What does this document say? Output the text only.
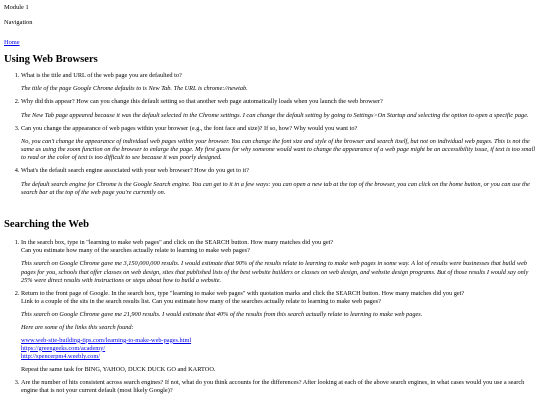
Module 1
Navigation
Home
Using Web Browsers
1. What is the title and URL of the web page you are defaulted to?
The title of the page Google Chrome defaults to is New Tab. The URL is chrome://newtab.
2. Why did this appear? How can you change this default setting so that another web page automatically loads when you launch the web browser?
The New Tab page appeared because it was the default selected in the Chrome settings. I can change the default setting by going to Settings>On Startup and selecting the option to open a specific page.
3. Can you change the appearance of web pages within your browser (e.g., the font face and size)? If so, how? Why would you want to?
No, you can't change the appearance of individual web pages within your browser. You can change the font size and style of the browser and search itself, but not on individual web pages. This is not the same as using the zoom function on the browser to enlarge the page. My first guess for why someone would want to change the appearance of a web page might be an accessibility issue, if text is too small to read or the color of text is too difficult to see because it was poorly designed.
4. What's the default search engine associated with your web browser? How do you get to it?
The default search engine for Chrome is the Google Search engine. You can get to it in a few ways: you can open a new tab at the top of the browser, you can click on the home button, or you can use the search bar at the top of the web page you're currently on.
Searching the Web
1. In the search box, type in "learning to make web pages" and click on the SEARCH button. How many matches did you get?
Can you estimate how many of the searches actually relate to learning to make web pages?
This search on Google Chrome gave me 3,150,000,000 results. I would estimate that 90% of the results relate to learning to make web pages in some way. A lot of results were businesses that build web pages for you, schools that offer classes on web design, sites that published lists of the best website builders or classes on web design, and website design programs. But of those results I would say only 25% were direct results with instructions or steps about how to build a website.
2. Return to the front page of Google. In the search box, type "learning to make web pages" with quotation marks and click the SEARCH button. How many matches did you get?
Link to a couple of the sits in the search results list. Can you estimate how many of the searches actually relate to learning to make web pages?
This search on Google Chrome gave me 21,900 results. I would estimate that 40% of the results from this search actually relate to learning to make web pages.
Here are some of the links this search found:
www.web-site-building-tips.com/learning-to-make-web-pages.html
https://greengeeks.com/academy/
http://spencerpm4.weebly.com/
Repeat the same task for BING, YAHOO, DUCK DUCK GO and KARTOO.
3. Are the number of hits consistent across search engines? If not, what do you think accounts for the differences? After looking at each of the above search engines, in what cases would you use a search engine that is not your current default (most likely Google)?
